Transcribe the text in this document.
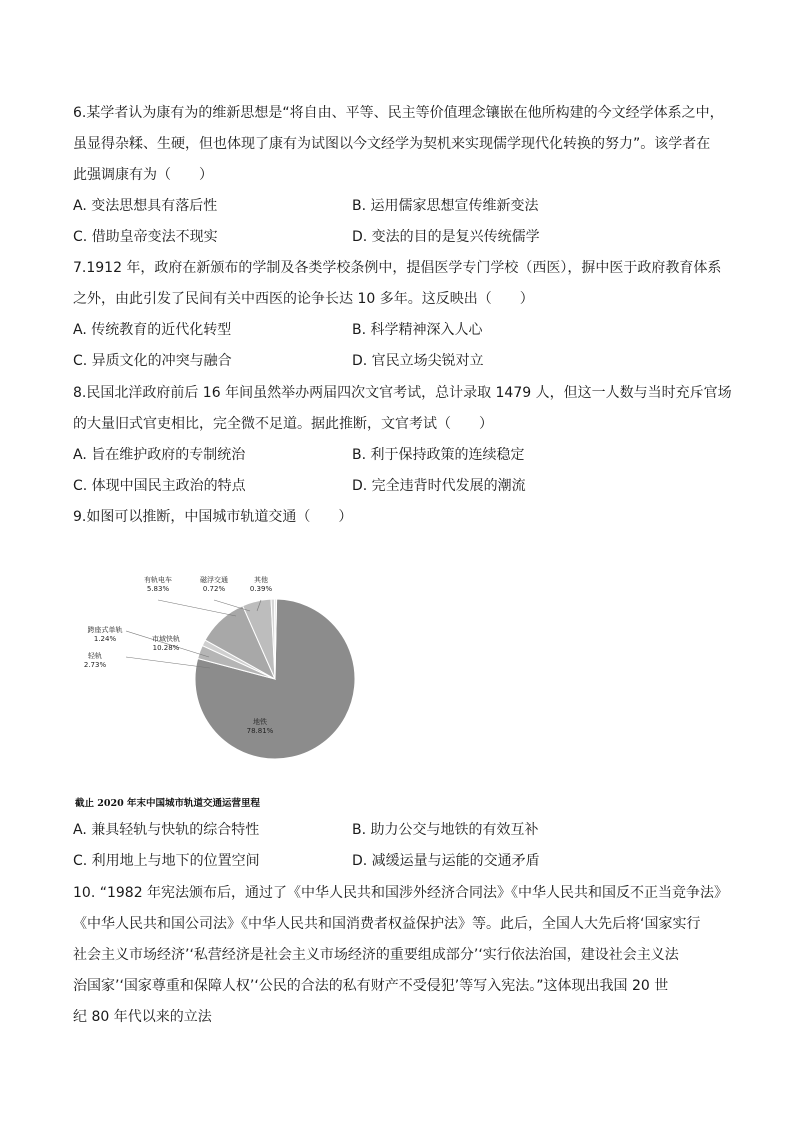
6.某学者认为康有为的维新思想是“将自由、平等、民主等价值理念镶嵌在他所构建的今文经学体系之中，
虽显得杂糅、生硬，但也体现了康有为试图以今文经学为契机来实现儒学现代化转换的努力”。该学者在
此强调康有为（　　）
A. 变法思想具有落后性	B. 运用儒家思想宣传维新变法
C. 借助皇帝变法不现实	D. 变法的目的是复兴传统儒学
7.1912 年，政府在新颁布的学制及各类学校条例中，提倡医学专门学校（西医），摒中医于政府教育体系
之外，由此引发了民间有关中西医的论争长达 10 多年。这反映出（　　）
A. 传统教育的近代化转型	B. 科学精神深入人心
C. 异质文化的冲突与融合	D. 官民立场尖锐对立
8.民国北洋政府前后 16 年间虽然举办两届四次文官考试，总计录取 1479 人，但这一人数与当时充斥官场
的大量旧式官吏相比，完全微不足道。据此推断，文官考试（　　）
A. 旨在维护政府的专制统治	B. 利于保持政策的连续稳定
C. 体现中国民主政治的特点	D. 完全违背时代发展的潮流
9.如图可以推断，中国城市轨道交通（　　）
地铁
78.81%
轻轨
2.73%
跨座式单轨
1.24%	市域快轨
10.28%
有轨电车
5.83%
磁浮交通
0.72%
其他
0.39%
截止 2020 年末中国城市轨道交通运营里程
A. 兼具轻轨与快轨的综合特性	B. 助力公交与地铁的有效互补
C. 利用地上与地下的位置空间	D. 减缓运量与运能的交通矛盾
10. “1982 年宪法颁布后，通过了《中华人民共和国涉外经济合同法》《中华人民共和国反不正当竞争法》
《中华人民共和国公司法》《中华人民共和国消费者权益保护法》等。此后，全国人大先后将‘国家实行
社会主义市场经济’‘私营经济是社会主义市场经济的重要组成部分’‘实行依法治国，建设社会主义法
治国家’‘国家尊重和保障人权’‘公民的合法的私有财产不受侵犯’等写入宪法。”这体现出我国 20 世
纪 80 年代以来的立法
